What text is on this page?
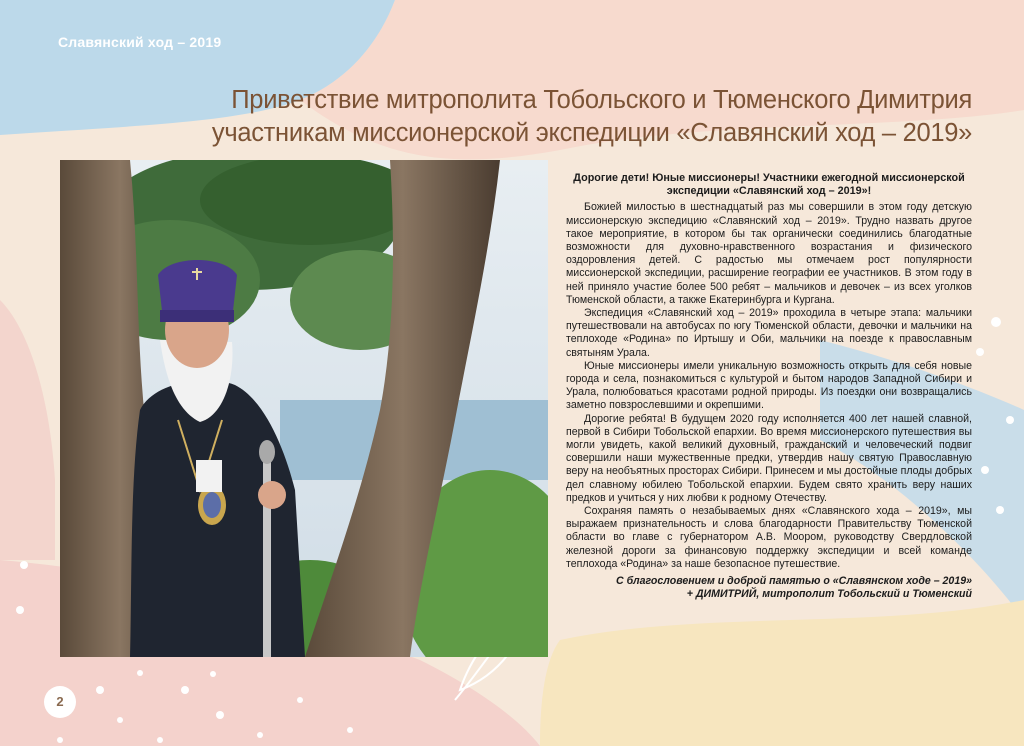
Славянский ход – 2019
Приветствие митрополита Тобольского и Тюменского Димитрия
участникам миссионерской экспедиции «Славянский ход – 2019»

Дорогие дети! Юные миссионеры! Участники ежегодной миссионерской
экспедиции «Славянский ход – 2019»!

Божией милостью в шестнадцатый раз мы совершили в этом году детскую миссионерскую экспедицию «Славянский ход – 2019». Трудно назвать другое такое мероприятие, в котором бы так органически соединились благодатные возможности для духовно-нравственного возрастания и физического оздоровления детей. С радостью мы отмечаем рост популярности миссионерской экспедиции, расширение географии ее участников. В этом году в ней приняло участие более 500 ребят – мальчиков и девочек – из всех уголков Тюменской области, а также Екатеринбурга и Кургана.

Экспедиция «Славянский ход – 2019» проходила в четыре этапа: мальчики путешествовали на автобусах по югу Тюменской области, девочки и мальчики на теплоходе «Родина» по Иртышу и Оби, мальчики на поезде к православным святыням Урала.

Юные миссионеры имели уникальную возможность открыть для себя новые города и села, познакомиться с культурой и бытом народов Западной Сибири и Урала, полюбоваться красотами родной природы. Из поездки они возвращались заметно повзрослевшими и окрепшими.

Дорогие ребята! В будущем 2020 году исполняется 400 лет нашей славной, первой в Сибири Тобольской епархии. Во время миссионерского путешествия вы могли увидеть, какой великий духовный, гражданский и человеческий подвиг совершили наши мужественные предки, утвердив нашу святую Православную веру на необъятных просторах Сибири. Принесем и мы достойные плоды добрых дел славному юбилею Тобольской епархии. Будем свято хранить веру наших предков и учиться у них любви к родному Отечеству.

Сохраняя память о незабываемых днях «Славянского хода – 2019», мы выражаем признательность и слова благодарности Правительству Тюменской области во главе с губернатором А.В. Моором, руководству Свердловской железной дороги за финансовую поддержку экспедиции и всей команде теплохода «Родина» за наше безопасное путешествие.

С благословением и доброй памятью о «Славянском ходе – 2019»

+ ДИМИТРИЙ, митрополит Тобольский и Тюменский

2
